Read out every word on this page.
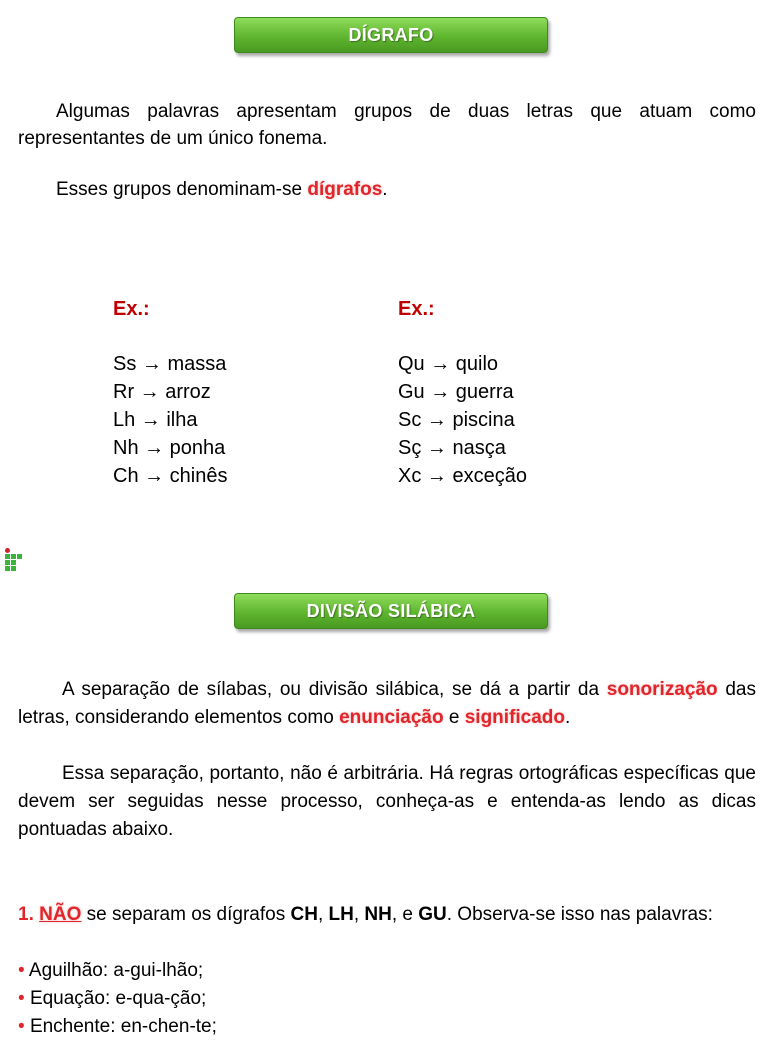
DÍGRAFO

Algumas palavras apresentam grupos de duas letras que atuam como representantes de um único fonema.

Esses grupos denominam-se dígrafos.

Ex.:
Ss → massa
Rr → arroz
Lh → ilha
Nh → ponha
Ch → chinês
Ex.:
Qu → quilo
Gu → guerra
Sc → piscina
Sç → nasça
Xc → exceção
DIVISÃO SILÁBICA

A separação de sílabas, ou divisão silábica, se dá a partir da sonorização das letras, considerando elementos como enunciação e significado.

Essa separação, portanto, não é arbitrária. Há regras ortográficas específicas que devem ser seguidas nesse processo, conheça-as e entenda-as lendo as dicas pontuadas abaixo.

1. NÃO se separam os dígrafos CH, LH, NH, e GU. Observa-se isso nas palavras:

• Aguilhão: a-gui-lhão;
• Equação: e-qua-ção;
• Enchente: en-chen-te;
